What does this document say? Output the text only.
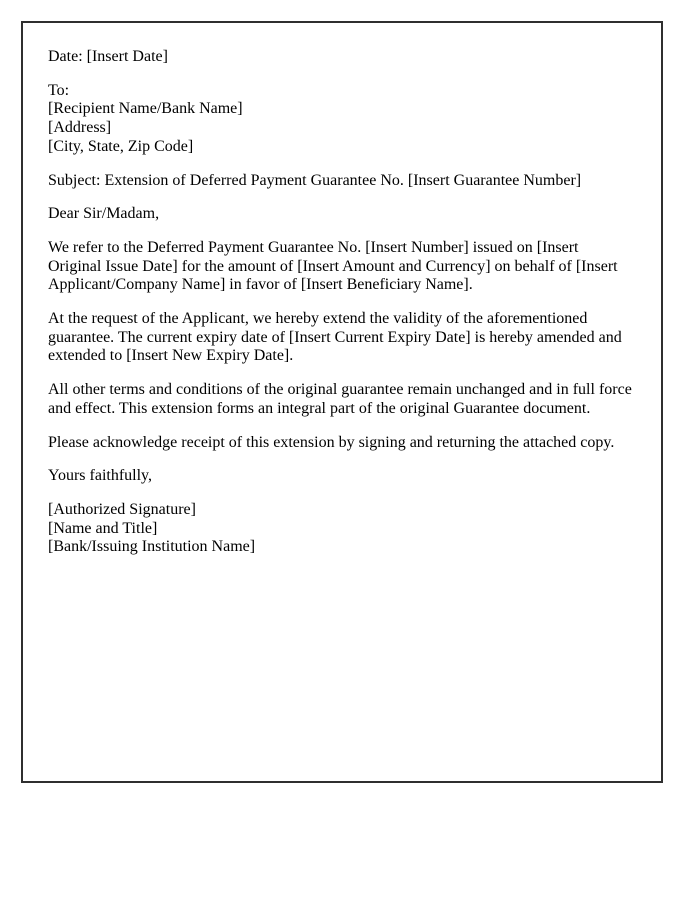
Date: [Insert Date]
To:
[Recipient Name/Bank Name]
[Address]
[City, State, Zip Code]
Subject: Extension of Deferred Payment Guarantee No. [Insert Guarantee Number]
Dear Sir/Madam,
We refer to the Deferred Payment Guarantee No. [Insert Number] issued on [Insert
Original Issue Date] for the amount of [Insert Amount and Currency] on behalf of [Insert
Applicant/Company Name] in favor of [Insert Beneficiary Name].
At the request of the Applicant, we hereby extend the validity of the aforementioned
guarantee. The current expiry date of [Insert Current Expiry Date] is hereby amended and
extended to [Insert New Expiry Date].
All other terms and conditions of the original guarantee remain unchanged and in full force
and effect. This extension forms an integral part of the original Guarantee document.
Please acknowledge receipt of this extension by signing and returning the attached copy.
Yours faithfully,
[Authorized Signature]
[Name and Title]
[Bank/Issuing Institution Name]
